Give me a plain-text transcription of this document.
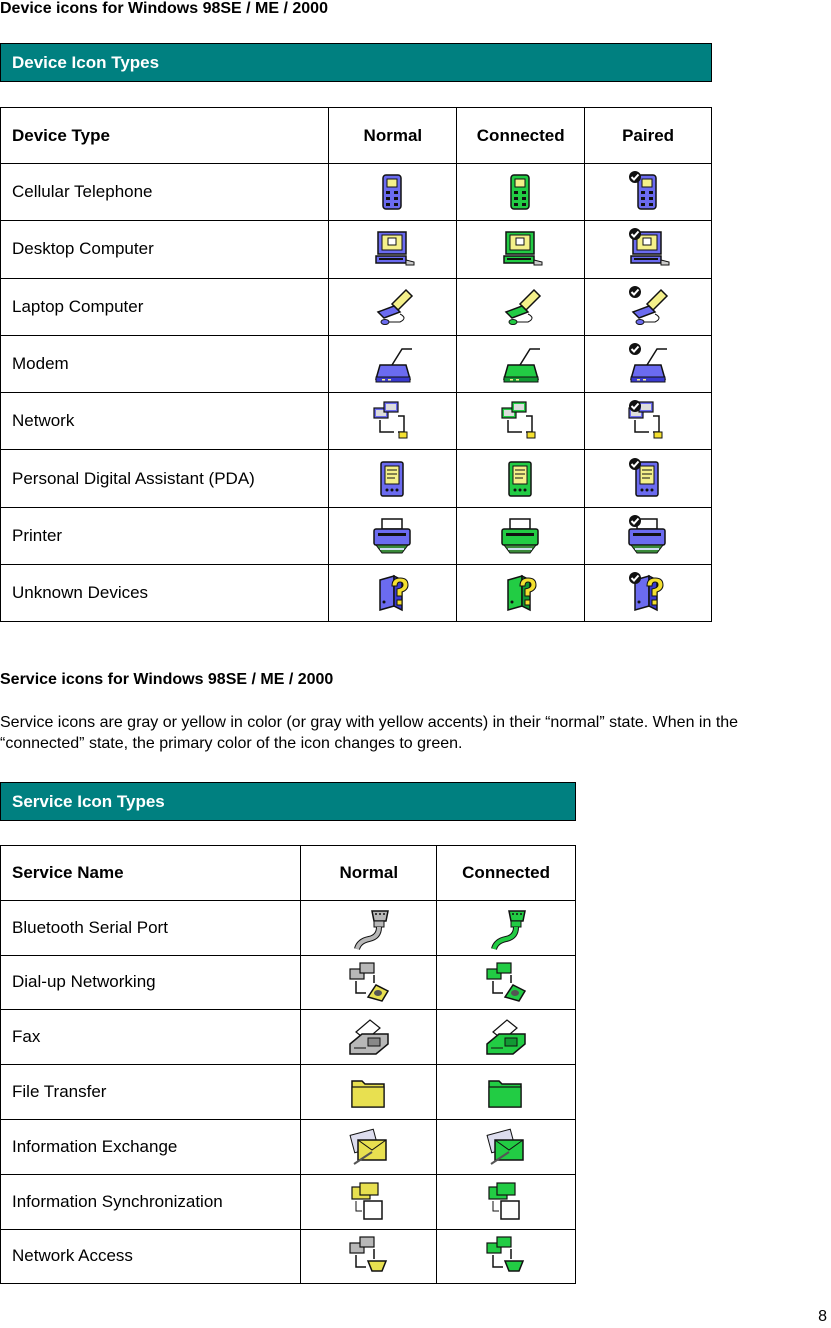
Device icons for Windows 98SE / ME / 2000
Device Icon Types
Device Type	Normal	Connected	Paired
Cellular Telephone			
Desktop Computer			
Laptop Computer			
Modem			
Network			
Personal Digital Assistant (PDA)			
Printer			
Unknown Devices			
Service icons for Windows 98SE / ME / 2000
Service icons are gray or yellow in color (or gray with yellow accents) in their “normal” state. When in the “connected” state, the primary color of the icon changes to green.
Service Icon Types
Service Name	Normal	Connected
Bluetooth Serial Port		
Dial-up Networking		
Fax		
File Transfer		
Information Exchange		
Information Synchronization		
Network Access		
8
